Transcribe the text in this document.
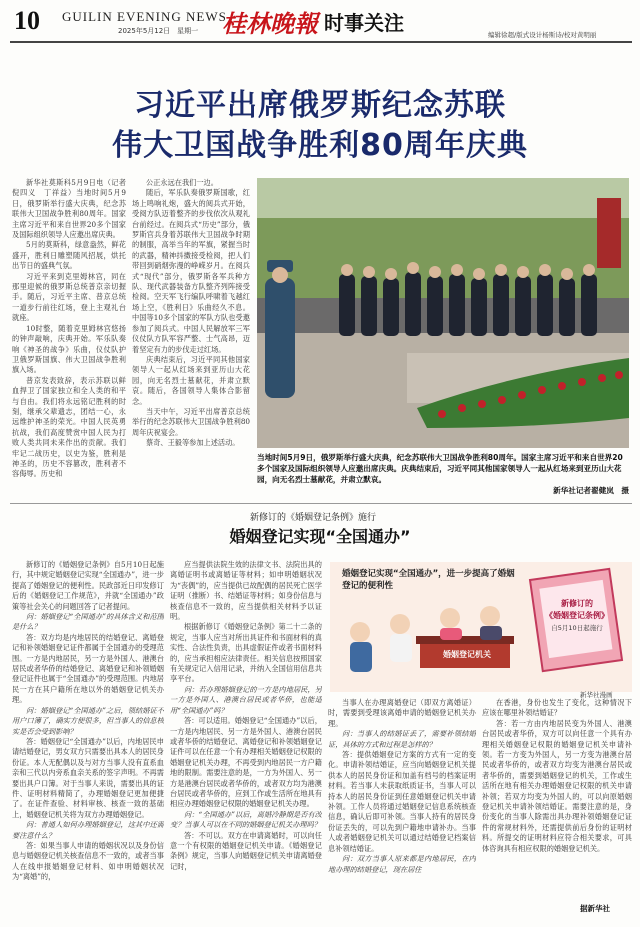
10 GUILIN EVENING NEWS
2025年5月12日　星期一 桂林晚報 时事关注	编辑徐超/版式设计杨斯诗/校对黄明丽
习近平出席俄罗斯纪念苏联
伟大卫国战争胜利80周年庆典

新华社莫斯科5月9日电（记者倪四义　丁祥益）当地时间5月9日，俄罗斯举行盛大庆典，纪念苏联伟大卫国战争胜利80周年。国家主席习近平和来自世界20多个国家及国际组织领导人应邀出席庆典。

5月的莫斯科，绿意盎然，鲜花盛开，胜利日雕塑随风招展，烘托出节日的盛典气氛。

习近平来到克里姆林宫，同在那里迎候的俄罗斯总统普京亲切握手。随后，习近平主席、普京总统一道步行前往红场，登上主观礼台就座。

10时整，随着克里姆林宫悠扬的钟声敲响，庆典开始。军乐队奏响《神圣的战争》乐曲，仪仗队护卫俄罗斯国旗、伟大卫国战争胜利旗入场。

普京发表致辞，表示苏联以鲜血捍卫了国家独立和全人类的和平与自由。我们将永远铭记胜利的时刻，继承父辈遗志，团结一心，永远维护神圣的荣光。中国人民英勇抗战，我们高度赞赏中国人民为打败人类共同未来作出的贡献。我们牢记二战历史，以史为鉴，胜利是神圣的，历史不容篡改，胜利者不容侮辱。历史和

公正永远在我们一边。

随后，军乐队奏俄罗斯国歌，红场上鸣响礼炮，盛大的阅兵式开始，受阅方队迈着整齐的步伐依次从观礼台前经过。在阅兵式“历史”部分，俄罗斯官兵身着苏联伟大卫国战争时期的制服，高举当年的军旗，紧握当时的武器，精神抖擞接受检阅，把人们带回到硝烟弥漫的峥嵘岁月。在阅兵式“现代”部分，俄罗斯各军兵种方队、现代武器装备方队整齐列阵接受检阅。空天军飞行编队呼啸着飞越红场上空，《胜利日》乐曲经久不息。中国等10多个国家的军队方队也受邀参加了阅兵式。中国人民解放军三军仪仗队方队军容严整、士气高昂，迈着坚定有力的步伐走过红场。

庆典结束后，习近平同其他国家领导人一起从红场来到亚历山大花园，向无名烈士墓献花，并肃立默哀。随后，各国领导人集体合影留念。

当天中午，习近平出席普京总统举行的纪念苏联伟大卫国战争胜利80周年庆祝宴会。

蔡奇、王毅等参加上述活动。

当地时间5月9日，俄罗斯举行盛大庆典，纪念苏联伟大卫国战争胜利80周年。国家主席习近平和来自世界20多个国家及国际组织领导人应邀出席庆典。庆典结束后，习近平同其他国家领导人一起从红场来到亚历山大花园，向无名烈士墓献花，并肃立默哀。
新华社记者翟健岚　摄
新修订的《婚姻登记条例》施行
婚姻登记实现“全国通办”

新修订的《婚姻登记条例》自5月10日起施行，其中规定婚姻登记实现“全国通办”，进一步提高了婚姻登记的便利性。民政部近日印发修订后的《婚姻登记工作规范》，并就“全国通办”政策等社会关心的问题回答了记者提问。

问：婚姻登记“全国通办”的具体含义和范围是什么？

答：双方均是内地居民的结婚登记、离婚登记和补领婚姻登记证件都属于全国通办的受理范围。一方是内地居民，另一方是外国人、港澳台居民或者华侨的结婚登记、离婚登记和补领婚姻登记证件也属于“全国通办”的受理范围。内地居民一方在其户籍所在地以外的婚姻登记机关办理。

问：婚姻登记“全国通办”之后，领结婚证不用户口簿了，确实方便很多，但当事人的信息核实是否会受到影响？

答：婚姻登记“全国通办”以后，内地居民申请结婚登记，男女双方只需要出具本人的居民身份证。本人无配偶以及与对方当事人没有直系血亲和三代以内旁系血亲关系的签字声明。不再需要出具户口簿。对于当事人来说，需要出具的证件、证明材料精简了，办理婚姻登记更加便捷了。在证件查验、材料审核、核查一致的基础上，婚姻登记机关将为双方办理婚姻登记。

问：普通人如何办理婚姻登记，这其中还需要注意什么？

答：如果当事人申请的婚姻状况以及身份信息与婚姻登记机关核查信息不一致的，或者当事人在线申报婚姻登记材料、如申明婚姻状况为“离婚”的，

应当提供法院生效的法律文书、法院出具的离婚证明书或离婚证等材料；如申明婚姻状况为“丧偶”的，应当提供已故配偶的居民死亡医学证明（推断）书、结婚证等材料；如身份信息与核查信息不一致的，应当提供相关材料予以证明。

根据新修订《婚姻登记条例》第二十二条的规定，当事人应当对所出具证件和书面材料的真实性、合法性负责，出具虚假证件或者书面材料的，应当承担相应法律责任。相关信息按照国家有关规定记入信用记录，并纳入全国信用信息共享平台。

问：若办理婚姻登记的一方是内地居民，另一方是外国人、港澳台居民或者华侨，也能适用“全国通办”吗？

答：可以适用。婚姻登记“全国通办”以后，一方是内地居民、另一方是外国人、港澳台居民或者华侨的结婚登记、离婚登记和补领婚姻登记证件可以在任意一个有办理相关婚姻登记权限的婚姻登记机关办理，不再受到内地居民一方户籍地的限制。需要注意的是，一方为外国人、另一方是港澳台居民或者华侨的，或者双方均为港澳台居民或者华侨的，应到工作或生活所在地具有相应办理婚姻登记权限的婚姻登记机关办理。

问：“全国通办”以后，离婚冷静期是否有改变？当事人可以在不同的婚姻登记机关办理吗？

答：不可以。双方在申请离婚时，可以向任意一个有权限的婚姻登记机关申请。《婚姻登记条例》规定，当事人向婚姻登记机关申请离婚登记时，

当事人在办理离婚登记（即双方离婚证）时，需要到受理该离婚申请的婚姻登记机关办理。

问：当事人的结婚证丢了，需要补领结婚证，具体的方式和过程是怎样的？

答：提供婚姻登记方案的方式有一定的变化。申请补领结婚证，应当向婚姻登记机关提供本人的居民身份证和加盖有档号的档案证明材料。若当事人未获取纸质证书，当事人可以持本人的居民身份证到任意婚姻登记机关申请补领。工作人员将通过婚姻登记信息系统核查信息，确认后即可补领。当事人持有的居民身份证丢失的，可以先到户籍地申请补办。当事人或者婚姻登记机关可以通过结婚登记档案信息补领结婚证。

问：双方当事人原来都是内地居民，在内地办理的结婚登记，现在居住

在香港，身份也发生了变化，这种情况下应该在哪里补领结婚证？

答：若一方由内地居民变为外国人、港澳台居民或者华侨，双方可以向任意一个具有办理相关婚姻登记权限的婚姻登记机关申请补领。若一方变为外国人，另一方变为港澳台居民或者华侨的，或者双方均变为港澳台居民或者华侨的，需要到婚姻登记的机关，工作或生活所在地有相关办理婚姻登记权限的机关申请补领；若双方均变为外国人的，可以向原婚姻登记机关申请补领结婚证。需要注意的是，身份变化的当事人除需出具办理补领婚姻登记证件的常规材料外，还需提供前后身份的证明材料。所提交的证明材料应符合相关要求，可具体咨询具有相应权限的婚姻登记机关。

据新华社
婚姻登记实现“全国通办”，进一步提高了婚姻登记的便利性
新修订的
《婚姻登记条例》
自5月10日起施行
婚姻登记机关
新华社漫画
